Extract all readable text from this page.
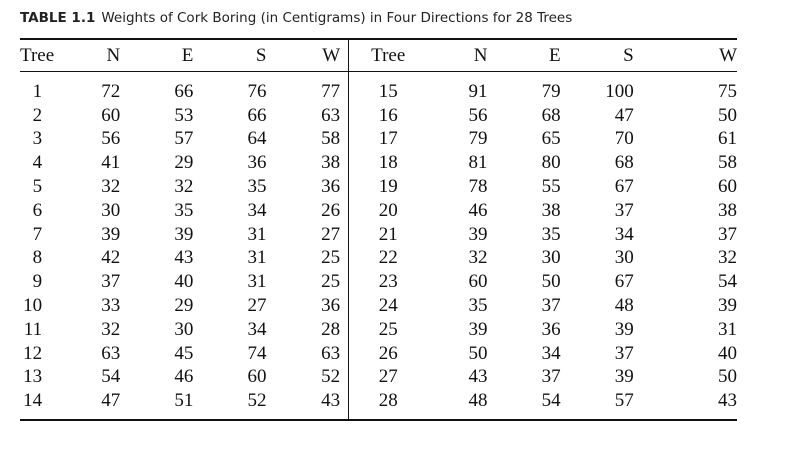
TABLE 1.1 Weights of Cork Boring (in Centigrams) in Four Directions for 28 Trees
Tree	N	E	S	W	Tree	N	E	S	W
1	72	66	76	77	15	91	79	100	75
2	60	53	66	63	16	56	68	47	50
3	56	57	64	58	17	79	65	70	61
4	41	29	36	38	18	81	80	68	58
5	32	32	35	36	19	78	55	67	60
6	30	35	34	26	20	46	38	37	38
7	39	39	31	27	21	39	35	34	37
8	42	43	31	25	22	32	30	30	32
9	37	40	31	25	23	60	50	67	54
10	33	29	27	36	24	35	37	48	39
11	32	30	34	28	25	39	36	39	31
12	63	45	74	63	26	50	34	37	40
13	54	46	60	52	27	43	37	39	50
14	47	51	52	43	28	48	54	57	43
